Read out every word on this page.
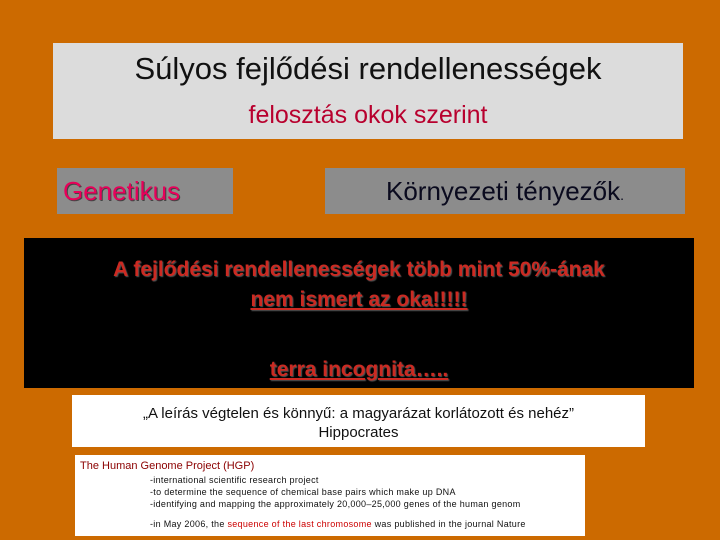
Súlyos fejlődési rendellenességek
felosztás okok szerint
Genetikus	Környezeti tényezők.
A fejlődési rendellenességek több mint 50%-ának
nem ismert az oka!!!!!
terra incognita…..
„A leírás végtelen és könnyű: a magyarázat korlátozott és nehéz”
Hippocrates
The Human Genome Project (HGP)
-international scientific research project
-to determine the sequence of chemical base pairs which make up DNA
-identifying and mapping the approximately 20,000–25,000 genes of the human genom
-in May 2006, the sequence of the last chromosome was published in the journal Nature
